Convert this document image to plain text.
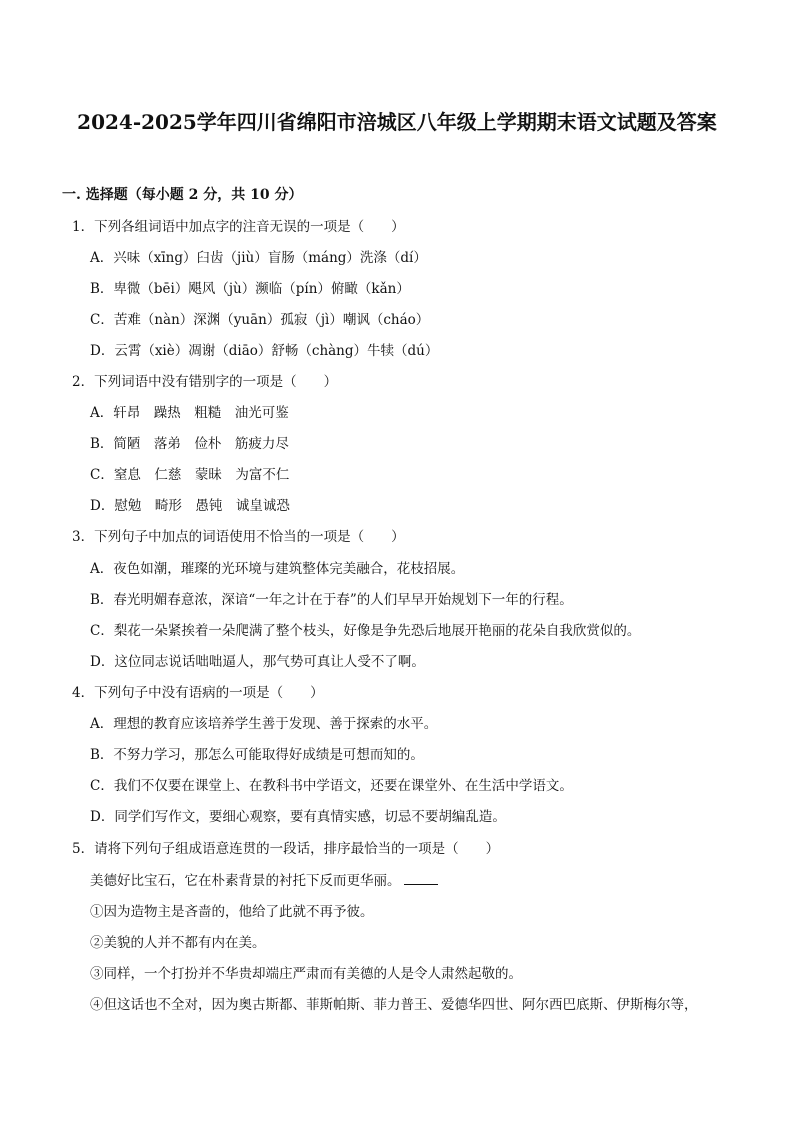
2024-2025学年四川省绵阳市涪城区八年级上学期期末语文试题及答案
一. 选择题（每小题 2 分，共 10 分）
1．下列各组词语中加点字的注音无误的一项是（　　）
A．兴味（xīng）臼齿（jiù）盲肠（máng）洗涤（dí）
B．卑微（bēi）飓风（jù）濒临（pín）俯瞰（kǎn）
C．苦难（nàn）深渊（yuān）孤寂（jì）嘲讽（cháo）
D．云霄（xiè）凋谢（diāo）舒畅（chàng）牛犊（dú）
2．下列词语中没有错别字的一项是（　　）
A．轩昂　躁热　粗糙　油光可鉴
B．简陋　落弟　俭朴　筋疲力尽
C．窒息　仁慈　蒙昧　为富不仁
D．慰勉　畸形　愚钝　诚皇诚恐
3．下列句子中加点的词语使用不恰当的一项是（　　）
A．夜色如潮，璀璨的光环境与建筑整体完美融合，花枝招展。
B．春光明媚春意浓，深谙“一年之计在于春”的人们早早开始规划下一年的行程。
C．梨花一朵紧挨着一朵爬满了整个枝头，好像是争先恐后地展开艳丽的花朵自我欣赏似的。
D．这位同志说话咄咄逼人，那气势可真让人受不了啊。
4．下列句子中没有语病的一项是（　　）
A．理想的教育应该培养学生善于发现、善于探索的水平。
B．不努力学习，那怎么可能取得好成绩是可想而知的。
C．我们不仅要在课堂上、在教科书中学语文，还要在课堂外、在生活中学语文。
D．同学们写作文，要细心观察，要有真情实感，切忌不要胡编乱造。
5．请将下列句子组成语意连贯的一段话，排序最恰当的一项是（　　）
美德好比宝石，它在朴素背景的衬托下反而更华丽。
①因为造物主是吝啬的，他给了此就不再予彼。
②美貌的人并不都有内在美。
③同样，一个打扮并不华贵却端庄严肃而有美德的人是令人肃然起敬的。
④但这话也不全对，因为奥古斯都、菲斯帕斯、菲力普王、爱德华四世、阿尔西巴底斯、伊斯梅尔等，
